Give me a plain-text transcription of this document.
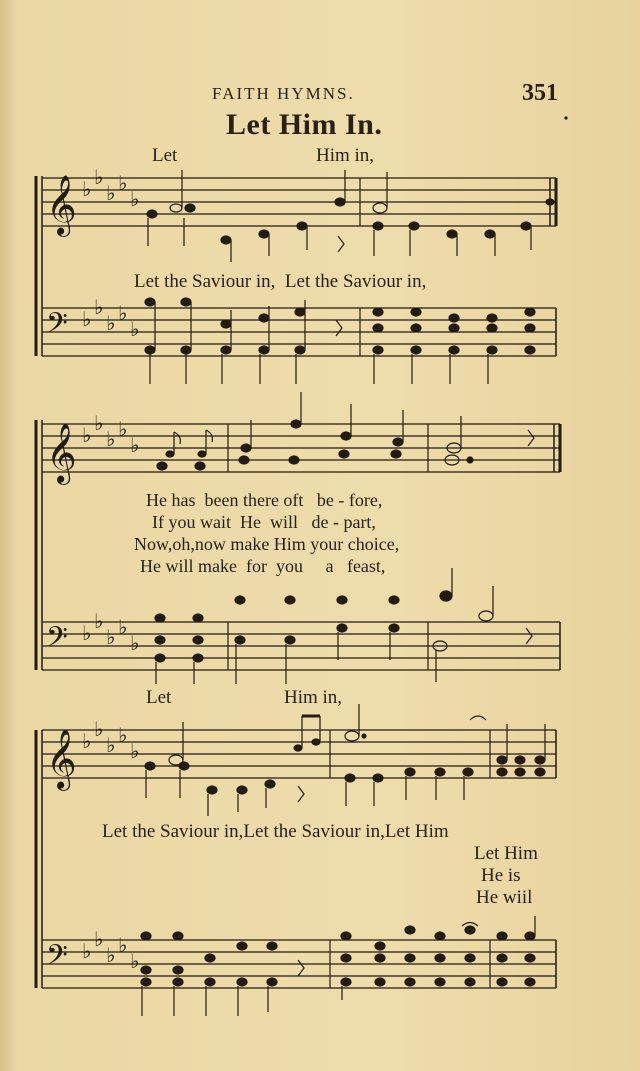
FAITH HYMNS.	351
Let Him In.
Let	Him in,
Let the Saviour in,  Let the Saviour in,
He has  been there oft   be - fore,
If you wait  He  will   de - part,
Now,oh,now make Him your choice,
He will make  for  you     a   feast,
Let	Him in,
Let the Saviour in,Let the Saviour in,Let Him
Let Him
He is
He wiil
𝄞
𝄢
♭ ♭
♭ ♭
♭
♭ ♭
♭ ♭
♭
𝄞
𝄢
♭ ♭
♭ ♭
♭
♭ ♭
♭ ♭
♭
𝄞
𝄢
♭ ♭
♭ ♭
♭
♭ ♭
♭ ♭
♭
